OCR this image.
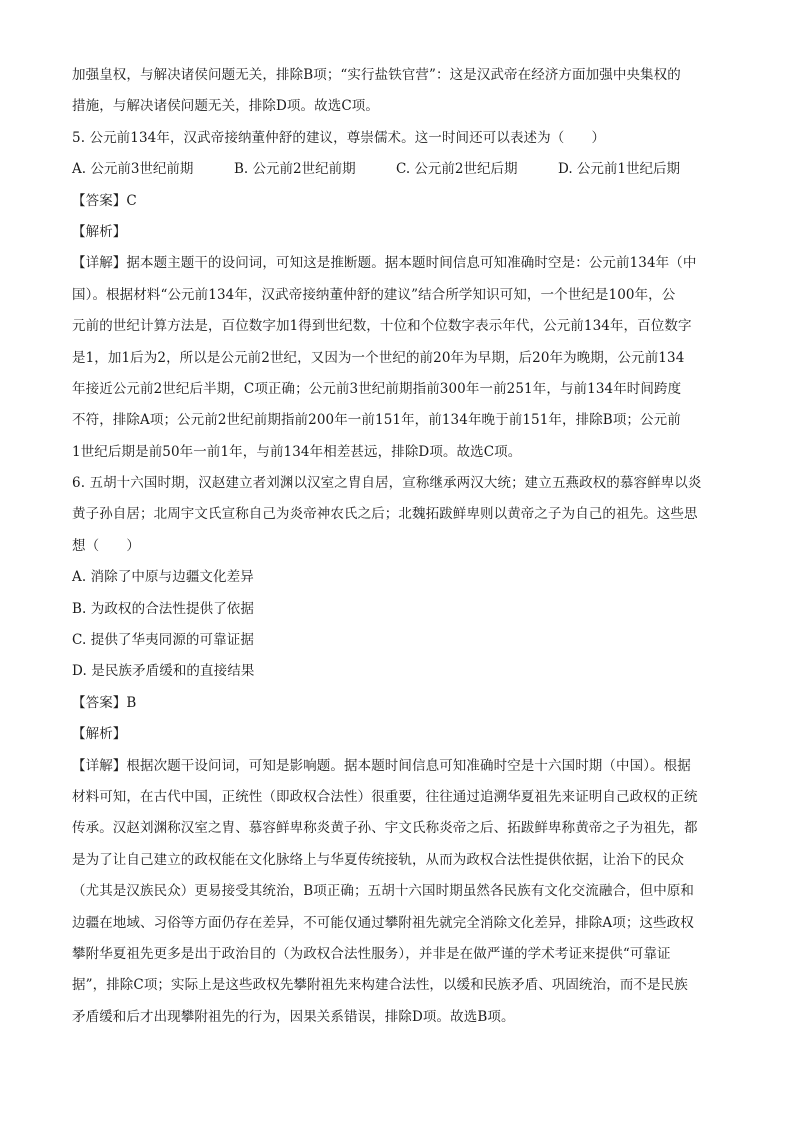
加强皇权，与解决诸侯问题无关，排除B项；“实行盐铁官营”：这是汉武帝在经济方面加强中央集权的
措施，与解决诸侯问题无关，排除D项。故选C项。
5. 公元前134年，汉武帝接纳董仲舒的建议，尊崇儒术。这一时间还可以表述为（　　）
A. 公元前3世纪前期	B. 公元前2世纪前期	C. 公元前2世纪后期	D. 公元前1世纪后期
【答案】C
【解析】
【详解】据本题主题干的设问词，可知这是推断题。据本题时间信息可知准确时空是：公元前134年（中
国）。根据材料“公元前134年，汉武帝接纳董仲舒的建议”结合所学知识可知，一个世纪是100年，公
元前的世纪计算方法是，百位数字加1得到世纪数，十位和个位数字表示年代，公元前134年，百位数字
是1，加1后为2，所以是公元前2世纪，又因为一个世纪的前20年为早期，后20年为晚期，公元前134
年接近公元前2世纪后半期，C项正确；公元前3世纪前期指前300年一前251年，与前134年时间跨度
不符，排除A项；公元前2世纪前期指前200年一前151年，前134年晚于前151年，排除B项；公元前
1世纪后期是前50年一前1年，与前134年相差甚远，排除D项。故选C项。
6. 五胡十六国时期，汉赵建立者刘渊以汉室之胄自居，宣称继承两汉大统；建立五燕政权的慕容鲜卑以炎
黄子孙自居；北周宇文氏宣称自己为炎帝神农氏之后；北魏拓跋鲜卑则以黄帝之子为自己的祖先。这些思
想（　　）
A. 消除了中原与边疆文化差异
B. 为政权的合法性提供了依据
C. 提供了华夷同源的可靠证据
D. 是民族矛盾缓和的直接结果
【答案】B
【解析】
【详解】根据次题干设问词，可知是影响题。据本题时间信息可知准确时空是十六国时期（中国）。根据
材料可知，在古代中国，正统性（即政权合法性）很重要，往往通过追溯华夏祖先来证明自己政权的正统
传承。汉赵刘渊称汉室之胄、慕容鲜卑称炎黄子孙、宇文氏称炎帝之后、拓跋鲜卑称黄帝之子为祖先，都
是为了让自己建立的政权能在文化脉络上与华夏传统接轨，从而为政权合法性提供依据，让治下的民众
（尤其是汉族民众）更易接受其统治，B项正确；五胡十六国时期虽然各民族有文化交流融合，但中原和
边疆在地域、习俗等方面仍存在差异，不可能仅通过攀附祖先就完全消除文化差异，排除A项；这些政权
攀附华夏祖先更多是出于政治目的（为政权合法性服务），并非是在做严谨的学术考证来提供“可靠证
据”，排除C项；实际上是这些政权先攀附祖先来构建合法性，以缓和民族矛盾、巩固统治，而不是民族
矛盾缓和后才出现攀附祖先的行为，因果关系错误，排除D项。故选B项。
